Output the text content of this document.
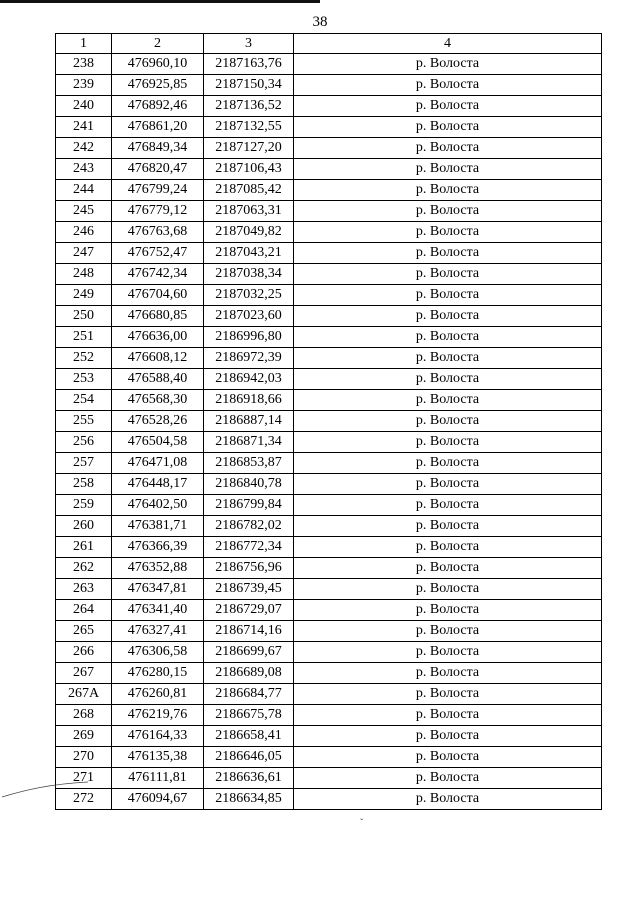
38
1	2	3	4
238	476960,10	2187163,76	р. Волоста
239	476925,85	2187150,34	р. Волоста
240	476892,46	2187136,52	р. Волоста
241	476861,20	2187132,55	р. Волоста
242	476849,34	2187127,20	р. Волоста
243	476820,47	2187106,43	р. Волоста
244	476799,24	2187085,42	р. Волоста
245	476779,12	2187063,31	р. Волоста
246	476763,68	2187049,82	р. Волоста
247	476752,47	2187043,21	р. Волоста
248	476742,34	2187038,34	р. Волоста
249	476704,60	2187032,25	р. Волоста
250	476680,85	2187023,60	р. Волоста
251	476636,00	2186996,80	р. Волоста
252	476608,12	2186972,39	р. Волоста
253	476588,40	2186942,03	р. Волоста
254	476568,30	2186918,66	р. Волоста
255	476528,26	2186887,14	р. Волоста
256	476504,58	2186871,34	р. Волоста
257	476471,08	2186853,87	р. Волоста
258	476448,17	2186840,78	р. Волоста
259	476402,50	2186799,84	р. Волоста
260	476381,71	2186782,02	р. Волоста
261	476366,39	2186772,34	р. Волоста
262	476352,88	2186756,96	р. Волоста
263	476347,81	2186739,45	р. Волоста
264	476341,40	2186729,07	р. Волоста
265	476327,41	2186714,16	р. Волоста
266	476306,58	2186699,67	р. Волоста
267	476280,15	2186689,08	р. Волоста
267А	476260,81	2186684,77	р. Волоста
268	476219,76	2186675,78	р. Волоста
269	476164,33	2186658,41	р. Волоста
270	476135,38	2186646,05	р. Волоста
271	476111,81	2186636,61	р. Волоста
272	476094,67	2186634,85	р. Волоста
ˇ
